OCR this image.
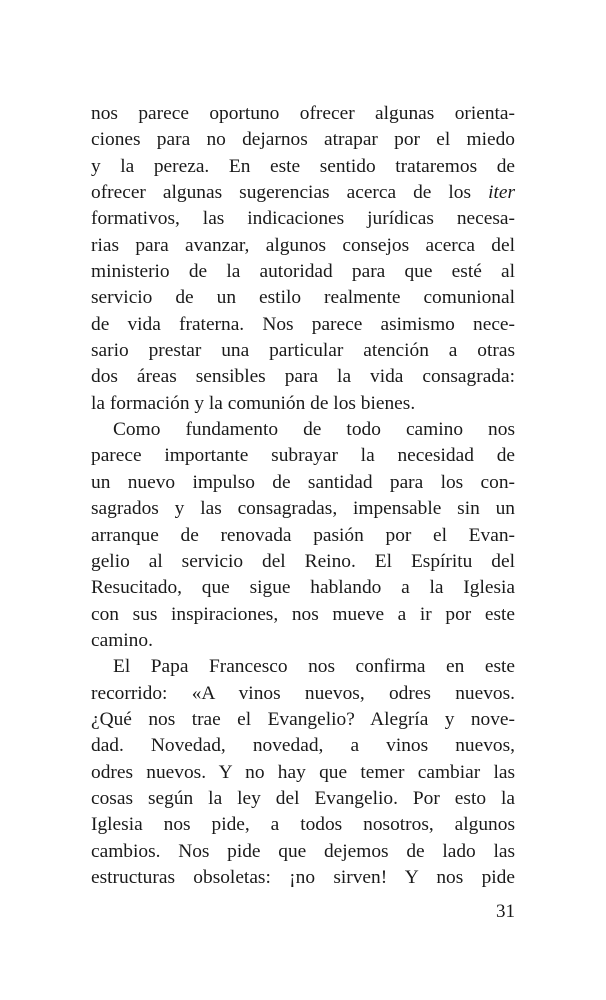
nos parece oportuno ofrecer algunas orienta-
ciones para no dejarnos atrapar por el miedo
y la pereza. En este sentido trataremos de
ofrecer algunas sugerencias acerca de los iter
formativos, las indicaciones jurídicas necesa-
rias para avanzar, algunos consejos acerca del
ministerio de la autoridad para que esté al
servicio de un estilo realmente comunional
de vida fraterna. Nos parece asimismo nece-
sario prestar una particular atención a otras
dos áreas sensibles para la vida consagrada:
la formación y la comunión de los bienes.
Como fundamento de todo camino nos
parece importante subrayar la necesidad de
un nuevo impulso de santidad para los con-
sagrados y las consagradas, impensable sin un
arranque de renovada pasión por el Evan-
gelio al servicio del Reino. El Espíritu del
Resucitado, que sigue hablando a la Iglesia
con sus inspiraciones, nos mueve a ir por este
camino.
El Papa Francesco nos confirma en este
recorrido: «A vinos nuevos, odres nuevos.
¿Qué nos trae el Evangelio? Alegría y nove-
dad. Novedad, novedad, a vinos nuevos,
odres nuevos. Y no hay que temer cambiar las
cosas según la ley del Evangelio. Por esto la
Iglesia nos pide, a todos nosotros, algunos
cambios. Nos pide que dejemos de lado las
estructuras obsoletas: ¡no sirven! Y nos pide
31
